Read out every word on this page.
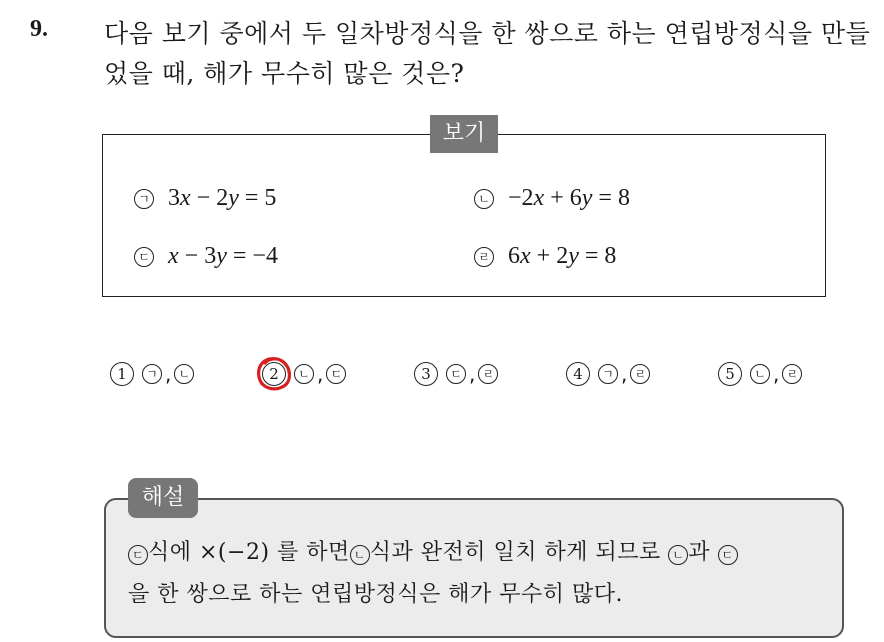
9. 다음 보기 중에서 두 일차방정식을 한 쌍으로 하는 연립방정식을 만들었을 때, 해가 무수히 많은 것은?
보기
ㄱ 3x − 2y = 5	ㄴ −2x + 6y = 8
ㄷ x − 3y = −4	ㄹ 6x + 2y = 8
1	ㄱ , ㄴ	2	ㄴ , ㄷ	3	ㄷ , ㄹ	4	ㄱ , ㄹ	5	ㄴ , ㄹ
해설
ㄷ 식에 ×(−2) 를 하면 ㄴ 식과 완전히 일치 하게 되므로 ㄴ 과 ㄷ
을 한 쌍으로 하는 연립방정식은 해가 무수히 많다.
